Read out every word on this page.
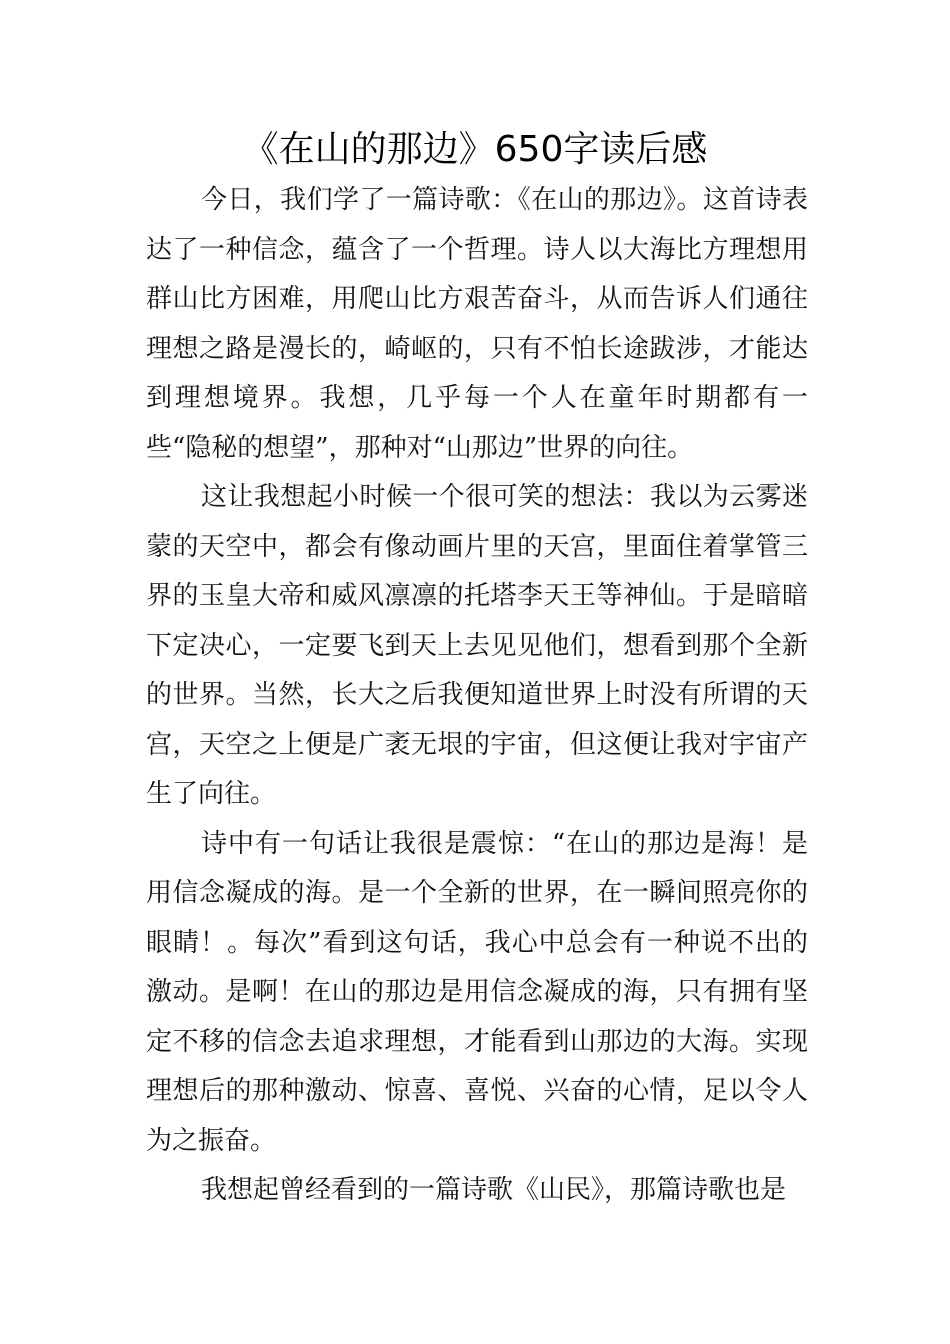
《在山的那边》650字读后感

今日，我们学了一篇诗歌：《在山的那边》。这首诗表达了一种信念，蕴含了一个哲理。诗人以大海比方理想用群山比方困难，用爬山比方艰苦奋斗，从而告诉人们通往理想之路是漫长的，崎岖的，只有不怕长途跋涉，才能达到理想境界。我想，几乎每一个人在童年时期都有一些“隐秘的想望”，那种对“山那边”世界的向往。

这让我想起小时候一个很可笑的想法：我以为云雾迷蒙的天空中，都会有像动画片里的天宫，里面住着掌管三界的玉皇大帝和威风凛凛的托塔李天王等神仙。于是暗暗下定决心，一定要飞到天上去见见他们，想看到那个全新的世界。当然，长大之后我便知道世界上时没有所谓的天宫，天空之上便是广袤无垠的宇宙，但这便让我对宇宙产生了向往。

诗中有一句话让我很是震惊：“在山的那边是海！是用信念凝成的海。是一个全新的世界，在一瞬间照亮你的眼睛！。每次”看到这句话，我心中总会有一种说不出的激动。是啊！在山的那边是用信念凝成的海，只有拥有坚定不移的信念去追求理想，才能看到山那边的大海。实现理想后的那种激动、惊喜、喜悦、兴奋的心情，足以令人为之振奋。

我想起曾经看到的一篇诗歌《山民》，那篇诗歌也是
